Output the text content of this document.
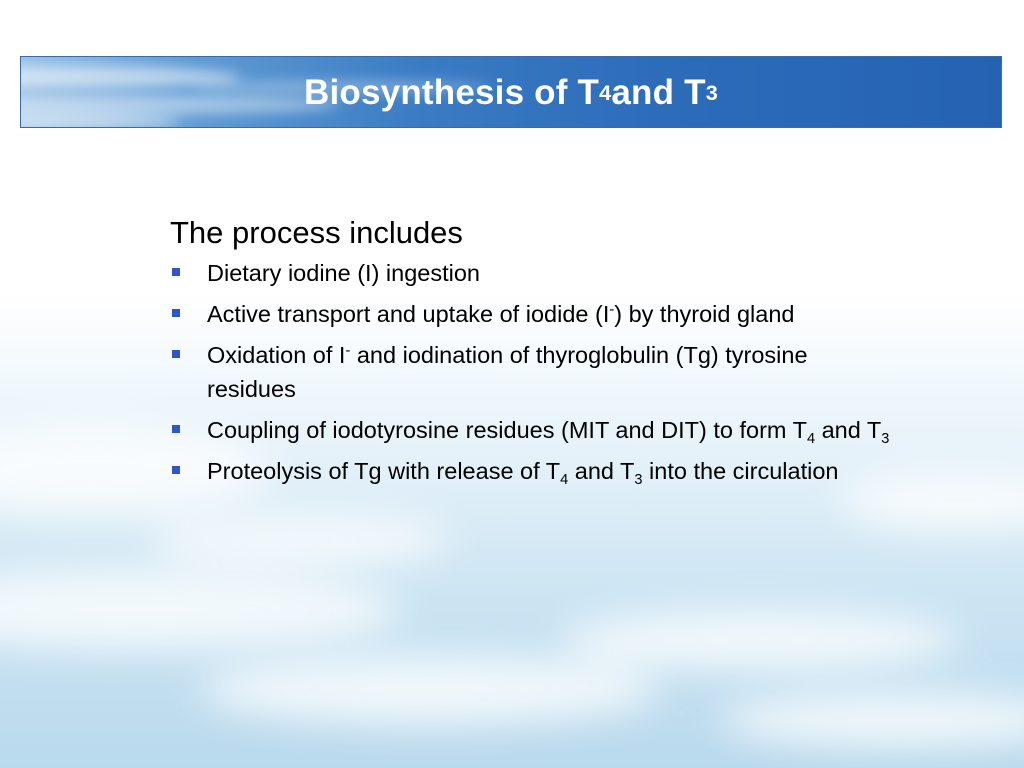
Biosynthesis of T 4 and T 3

The process includes

Dietary iodine (I) ingestion
Active transport and uptake of iodide (I-) by thyroid gland
Oxidation of I- and iodination of thyroglobulin (Tg) tyrosine residues
Coupling of iodotyrosine residues (MIT and DIT) to form $T_4$ and $T_3$
Proteolysis of Tg with release of $T_4$ and $T_3$ into the circulation
